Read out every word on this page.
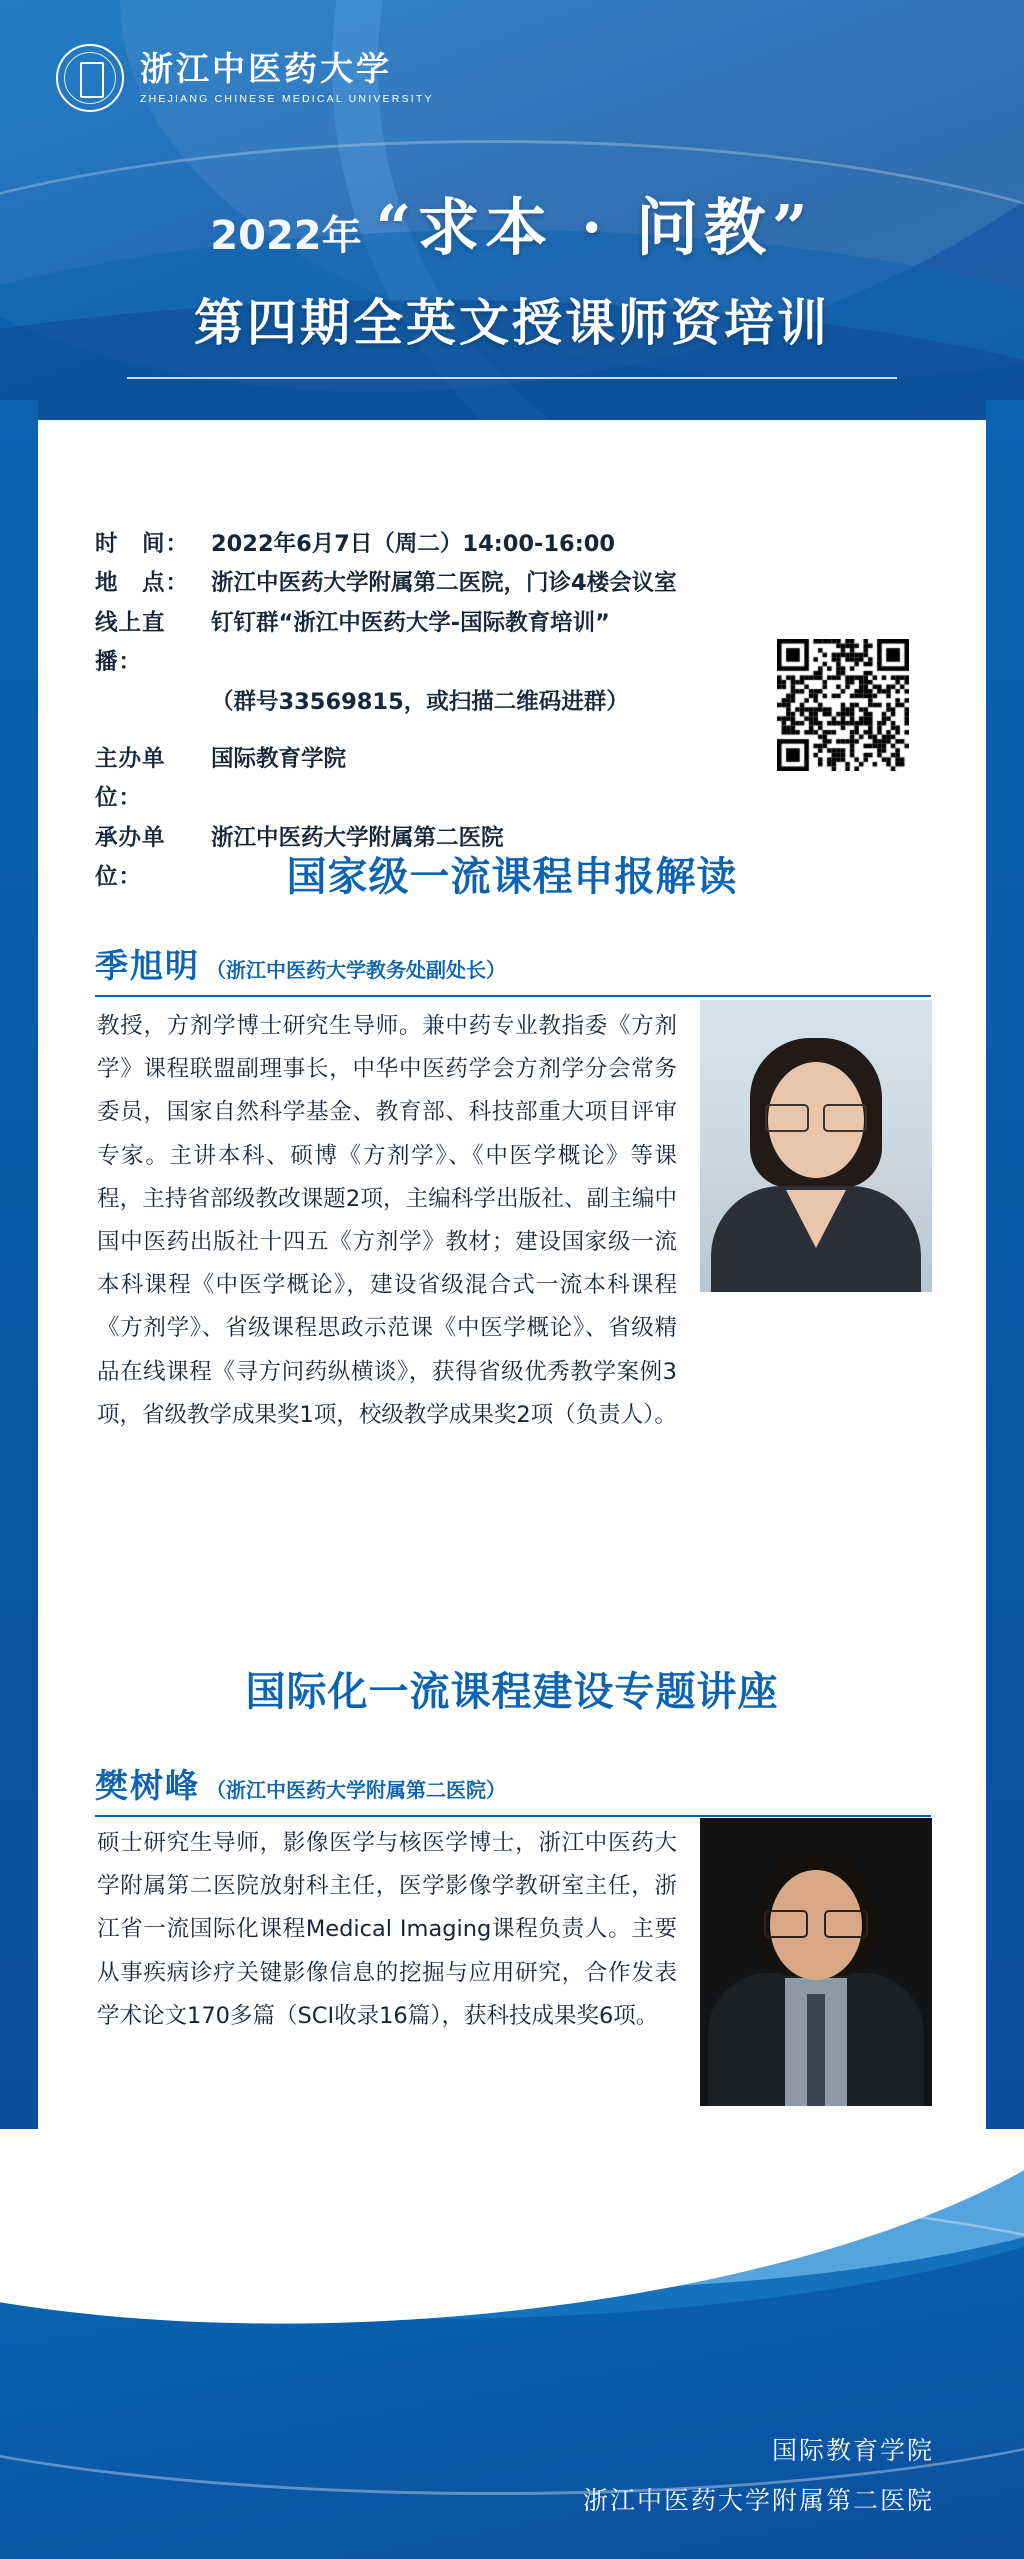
浙江中医药大学
ZHEJIANG CHINESE MEDICAL UNIVERSITY
2022年 “求本 · 问教”
第四期全英文授课师资培训
时　间： 2022年6月7日（周二）14:00-16:00
地　点： 浙江中医药大学附属第二医院，门诊4楼会议室
线上直播：
钉钉群“浙江中医药大学-国际教育培训”
（群号33569815，或扫描二维码进群）
主办单位：
国际教育学院
承办单位：
浙江中医药大学附属第二医院
国家级一流课程申报解读
季旭明 （浙江中医药大学教务处副处长）
教授，方剂学博士研究生导师。兼中药专业教指委《方剂学》课程联盟副理事长，中华中医药学会方剂学分会常务委员，国家自然科学基金、教育部、科技部重大项目评审专家。主讲本科、硕博《方剂学》、《中医学概论》等课程，主持省部级教改课题2项，主编科学出版社、副主编中国中医药出版社十四五《方剂学》教材；建设国家级一流本科课程《中医学概论》，建设省级混合式一流本科课程《方剂学》、省级课程思政示范课《中医学概论》、省级精品在线课程《寻方问药纵横谈》，获得省级优秀教学案例3项，省级教学成果奖1项，校级教学成果奖2项（负责人）。
国际化一流课程建设专题讲座
樊树峰 （浙江中医药大学附属第二医院）
硕士研究生导师，影像医学与核医学博士，浙江中医药大学附属第二医院放射科主任，医学影像学教研室主任，浙江省一流国际化课程Medical Imaging课程负责人。主要从事疾病诊疗关键影像信息的挖掘与应用研究，合作发表学术论文170多篇（SCI收录16篇），获科技成果奖6项。
国际教育学院
浙江中医药大学附属第二医院
